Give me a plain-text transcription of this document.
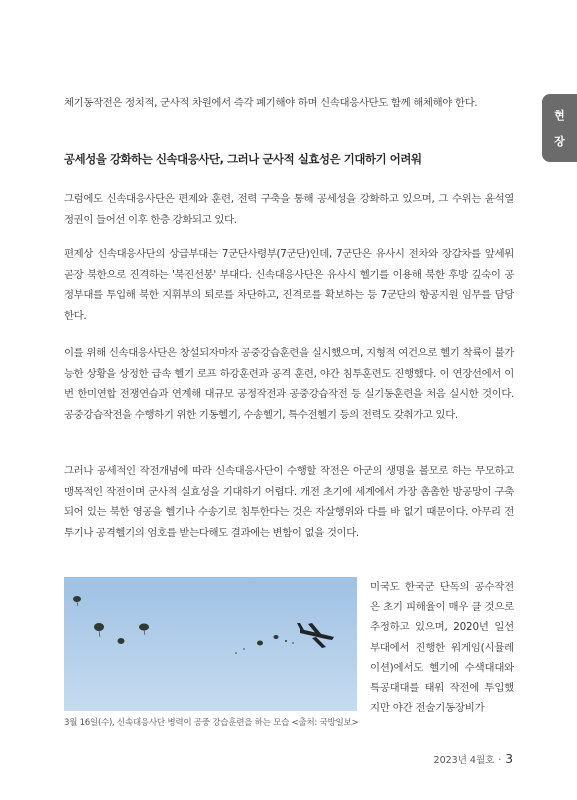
현
장

체기동작전은 정치적, 군사적 차원에서 즉각 폐기해야 하며 신속대응사단도 함께 해체해야 한다.

공세성을 강화하는 신속대응사단, 그러나 군사적 실효성은 기대하기 어려워

그럼에도 신속대응사단은 편제와 훈련, 전력 구축을 통해 공세성을 강화하고 있으며, 그 수위는 윤석열 정권이 들어선 이후 한층 강화되고 있다.

편제상 신속대응사단의 상급부대는 7군단사령부(7군단)인데, 7군단은 유사시 전차와 장갑차를 앞세워 곧장 북한으로 진격하는 '북진선봉' 부대다. 신속대응사단은 유사시 헬기를 이용해 북한 후방 깊숙이 공정부대를 투입해 북한 지휘부의 퇴로를 차단하고, 진격로를 확보하는 등 7군단의 항공지원 임무를 담당한다.

이를 위해 신속대응사단은 창설되자마자 공중강습훈련을 실시했으며, 지형적 여건으로 헬기 착륙이 불가능한 상황을 상정한 급속 헬기 로프 하강훈련과 공격 훈련, 야간 침투훈련도 진행했다. 이 연장선에서 이번 한미연합 전쟁연습과 연계해 대규모 공정작전과 공중강습작전 등 실기동훈련을 처음 실시한 것이다. 공중강습작전을 수행하기 위한 기동헬기, 수송헬기, 특수전헬기 등의 전력도 갖춰가고 있다.

그러나 공세적인 작전개념에 따라 신속대응사단이 수행할 작전은 아군의 생명을 볼모로 하는 무모하고 맹목적인 작전이며 군사적 실효성을 기대하기 어렵다. 개전 초기에 세계에서 가장 촘촘한 방공망이 구축되어 있는 북한 영공을 헬기나 수송기로 침투한다는 것은 자살행위와 다를 바 없기 때문이다. 아무리 전투기나 공격헬기의 엄호를 받는다해도 결과에는 변함이 없을 것이다.

3월 16일(수), 신속대응사단 병력이 공중 강습훈련을 하는 모습 <출처: 국방일보>

미국도 한국군 단독의 공수작전은 초기 피해율이 매우 클 것으로 추정하고 있으며, 2020년 일선 부대에서 진행한 워게임(시뮬레이션)에서도 헬기에 수색대대와 특공대대를 태워 작전에 투입했지만 야간 전술기동장비가

2023년 4월호 · 3
